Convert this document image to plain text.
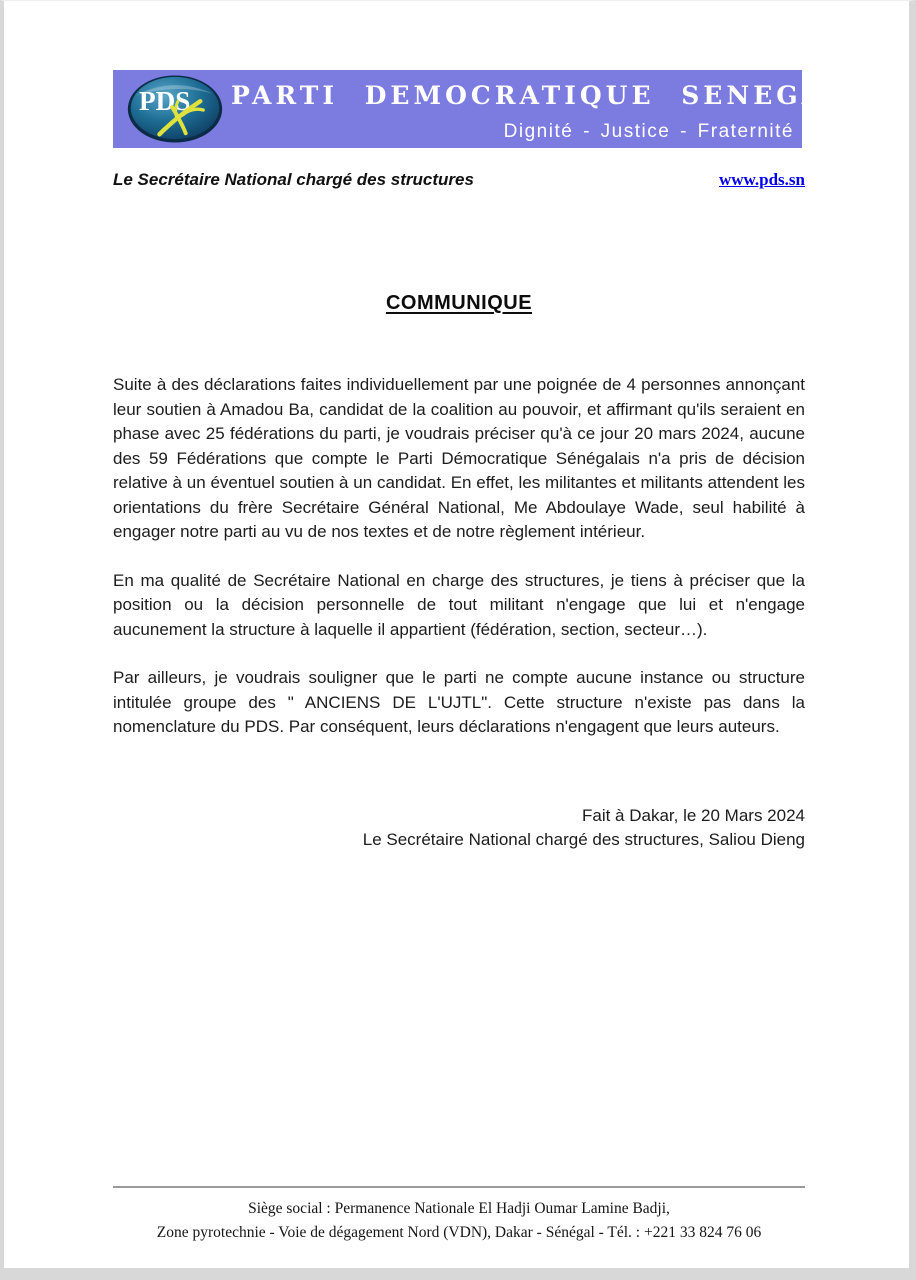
PDS PARTI DEMOCRATIQUE SENEGALAIS
Dignité - Justice - Fraternité
Le Secrétaire National chargé des structures	www.pds.sn
COMMUNIQUE

Suite à des déclarations faites individuellement par une poignée de 4 personnes annonçant leur soutien à Amadou Ba, candidat de la coalition au pouvoir, et affirmant qu'ils seraient en phase avec 25 fédérations du parti, je voudrais préciser qu'à ce jour 20 mars 2024, aucune des 59 Fédérations que compte le Parti Démocratique Sénégalais n'a pris de décision relative à un éventuel soutien à un candidat. En effet, les militantes et militants attendent les orientations du frère Secrétaire Général National, Me Abdoulaye Wade, seul habilité à engager notre parti au vu de nos textes et de notre règlement intérieur.

En ma qualité de Secrétaire National en charge des structures, je tiens à préciser que la position ou la décision personnelle de tout militant n'engage que lui et n'engage aucunement la structure à laquelle il appartient (fédération, section, secteur…).

Par ailleurs, je voudrais souligner que le parti ne compte aucune instance ou structure intitulée groupe des " ANCIENS DE L'UJTL". Cette structure n'existe pas dans la nomenclature du PDS. Par conséquent, leurs déclarations n'engagent que leurs auteurs.

Fait à Dakar, le 20 Mars 2024
Le Secrétaire National chargé des structures, Saliou Dieng
Siège social : Permanence Nationale El Hadji Oumar Lamine Badji,
Zone pyrotechnie - Voie de dégagement Nord (VDN), Dakar - Sénégal - Tél. : +221 33 824 76 06
